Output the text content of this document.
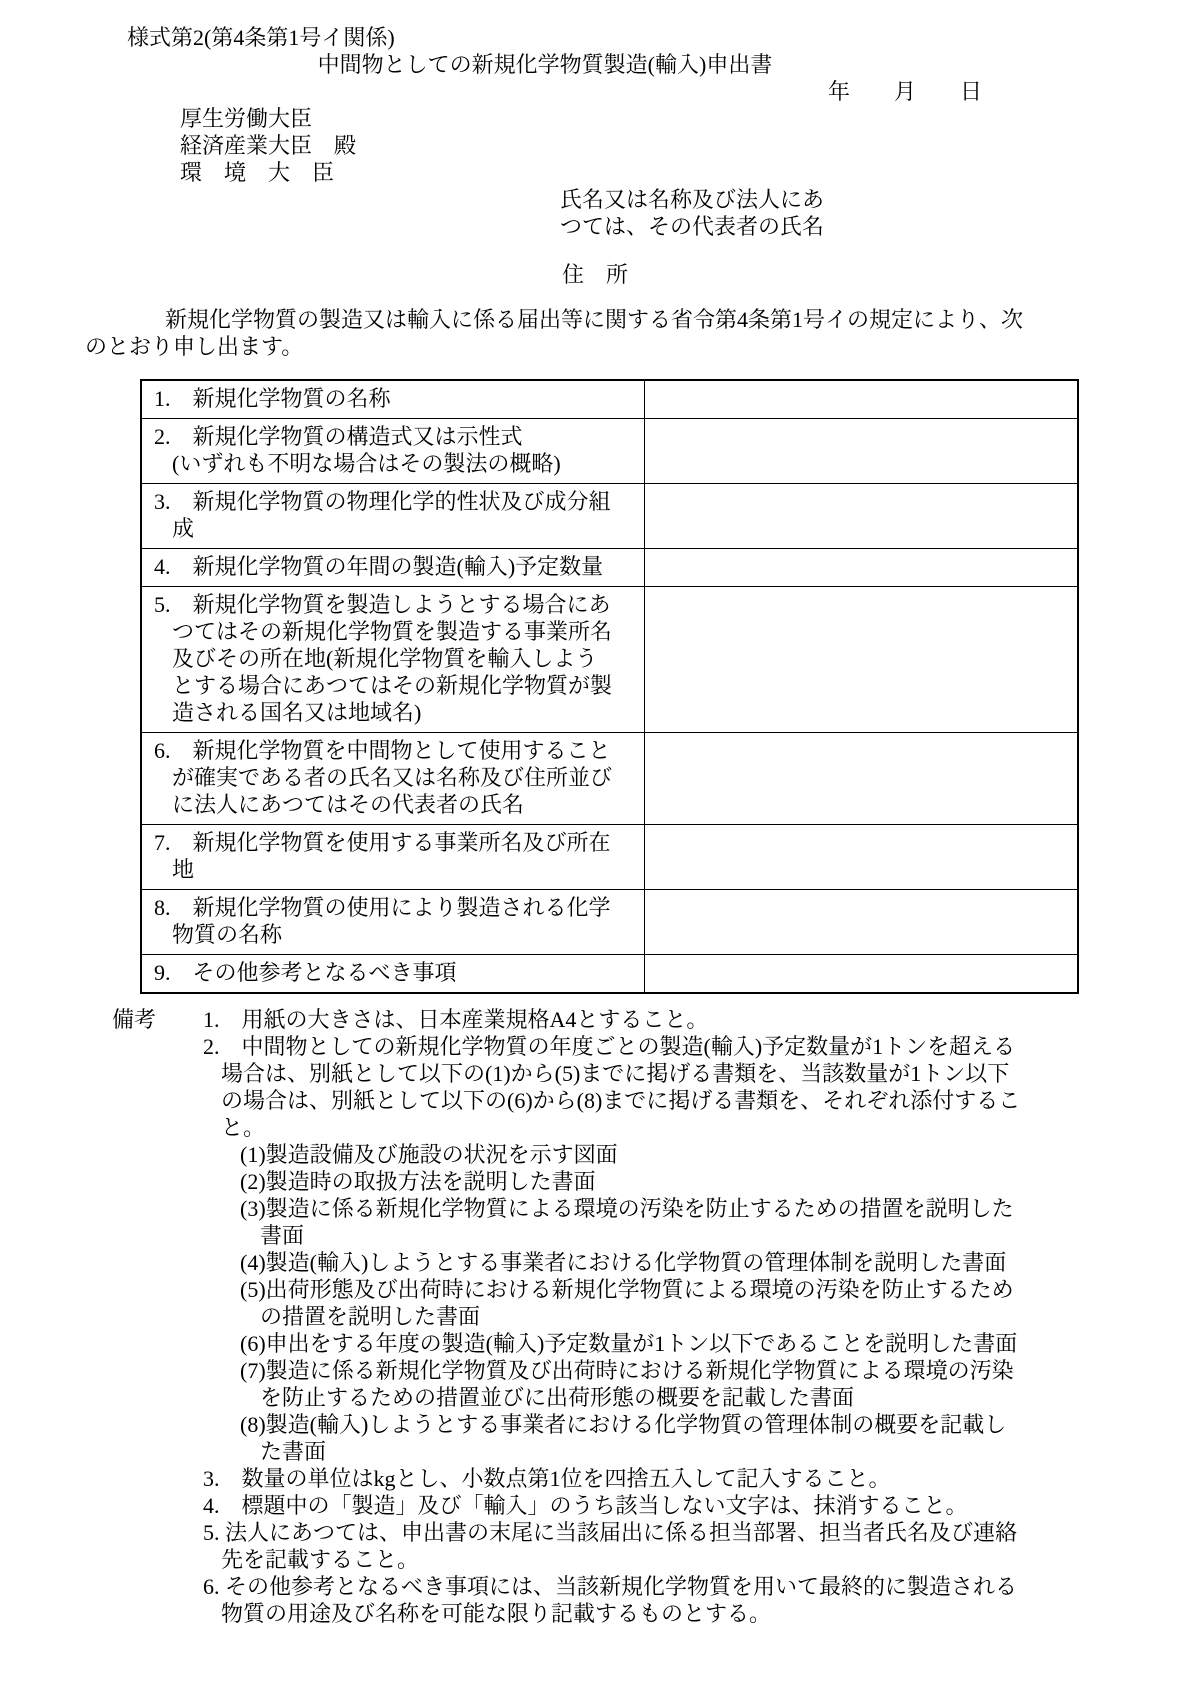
様式第2(第4条第1号イ関係)
中間物としての新規化学物質製造(輸入)申出書
年　　月　　日
厚生労働大臣
経済産業大臣　殿
環　境　大　臣
氏名又は名称及び法人にあ
つては、その代表者の氏名
住　所
新規化学物質の製造又は輸入に係る届出等に関する省令第4条第1号イの規定により、次
のとおり申し出ます。
1.　新規化学物質の名称	

2.　新規化学物質の構造式又は示性式
(いずれも不明な場合はその製法の概略)	

3.　新規化学物質の物理化学的性状及び成分組
成	

4.　新規化学物質の年間の製造(輸入)予定数量	

5.　新規化学物質を製造しようとする場合にあ
つてはその新規化学物質を製造する事業所名
及びその所在地(新規化学物質を輸入しよう
とする場合にあつてはその新規化学物質が製
造される国名又は地域名)	

6.　新規化学物質を中間物として使用すること
が確実である者の氏名又は名称及び住所並び
に法人にあつてはその代表者の氏名	

7.　新規化学物質を使用する事業所名及び所在
地	

8.　新規化学物質の使用により製造される化学
物質の名称	

9.　その他参考となるべき事項	

備考 1.　用紙の大きさは、日本産業規格A4とすること。
2.　中間物としての新規化学物質の年度ごとの製造(輸入)予定数量が1トンを超える
場合は、別紙として以下の(1)から(5)までに掲げる書類を、当該数量が1トン以下
の場合は、別紙として以下の(6)から(8)までに掲げる書類を、それぞれ添付するこ
と。
(1)製造設備及び施設の状況を示す図面
(2)製造時の取扱方法を説明した書面
(3)製造に係る新規化学物質による環境の汚染を防止するための措置を説明した
書面
(4)製造(輸入)しようとする事業者における化学物質の管理体制を説明した書面
(5)出荷形態及び出荷時における新規化学物質による環境の汚染を防止するため
の措置を説明した書面
(6)申出をする年度の製造(輸入)予定数量が1トン以下であることを説明した書面
(7)製造に係る新規化学物質及び出荷時における新規化学物質による環境の汚染
を防止するための措置並びに出荷形態の概要を記載した書面
(8)製造(輸入)しようとする事業者における化学物質の管理体制の概要を記載し
た書面
3.　数量の単位はkgとし、小数点第1位を四捨五入して記入すること。
4.　標題中の「製造」及び「輸入」のうち該当しない文字は、抹消すること。
5. 法人にあつては、申出書の末尾に当該届出に係る担当部署、担当者氏名及び連絡
先を記載すること。
6. その他参考となるべき事項には、当該新規化学物質を用いて最終的に製造される
物質の用途及び名称を可能な限り記載するものとする。
